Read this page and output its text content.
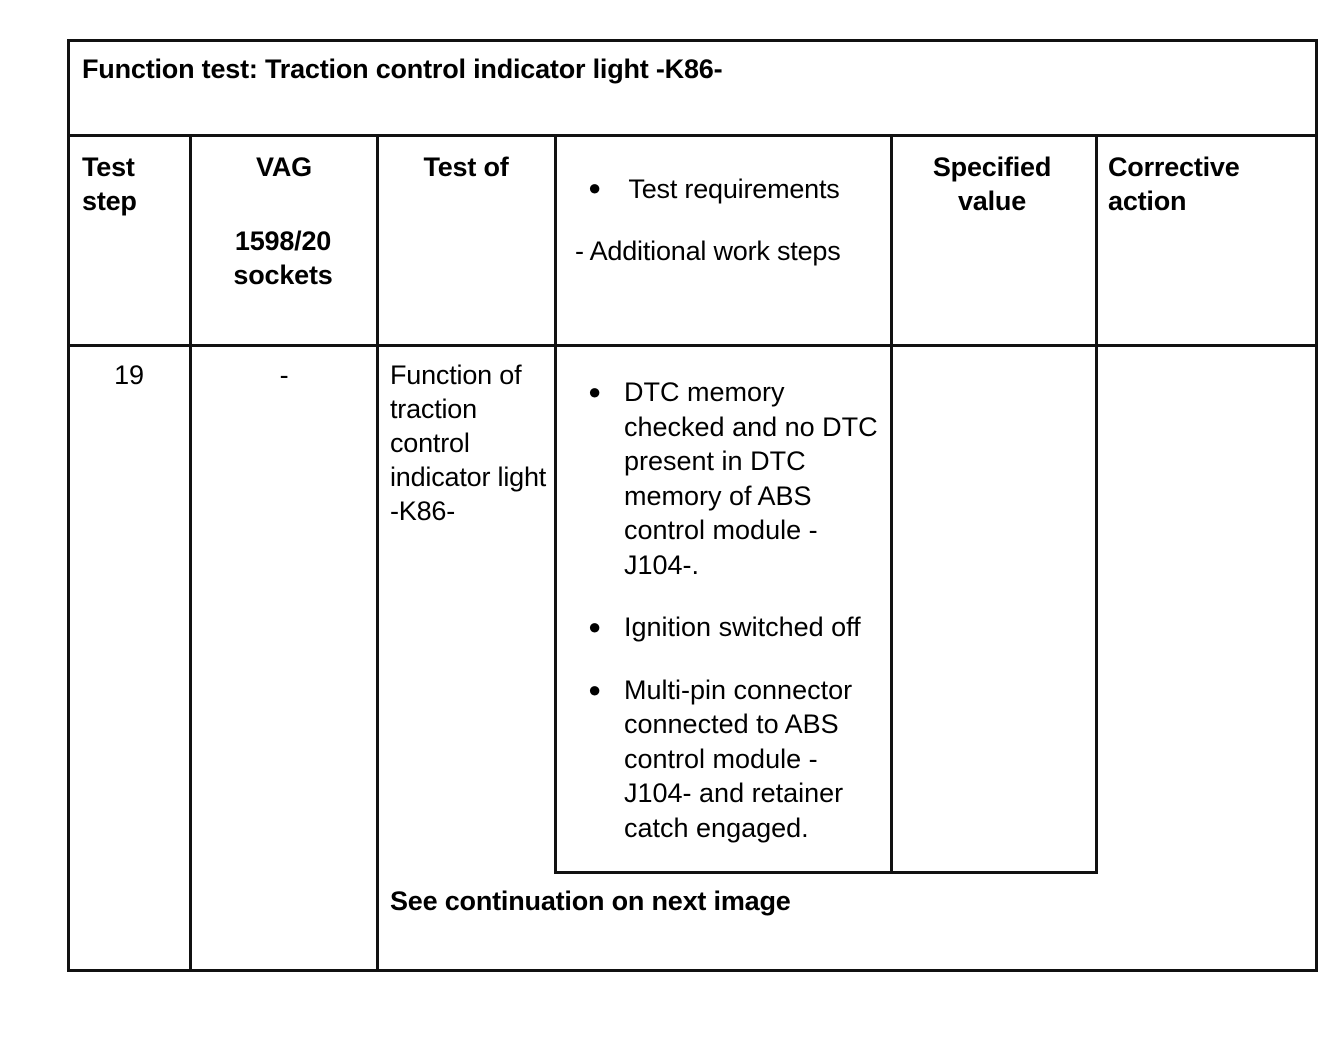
Function test: Traction control indicator light -K86-
Test step
VAG
1598/20 sockets
Test of
● Test requirements
- Additional work steps
Specified value
Corrective action
19	-	Function of traction control indicator light -K86-
● DTC memory checked and no DTC present in DTC memory of ABS control module -J104-.
● Ignition switched off
● Multi-pin connector connected to ABS control module - J104- and retainer catch engaged.
See continuation on next image
